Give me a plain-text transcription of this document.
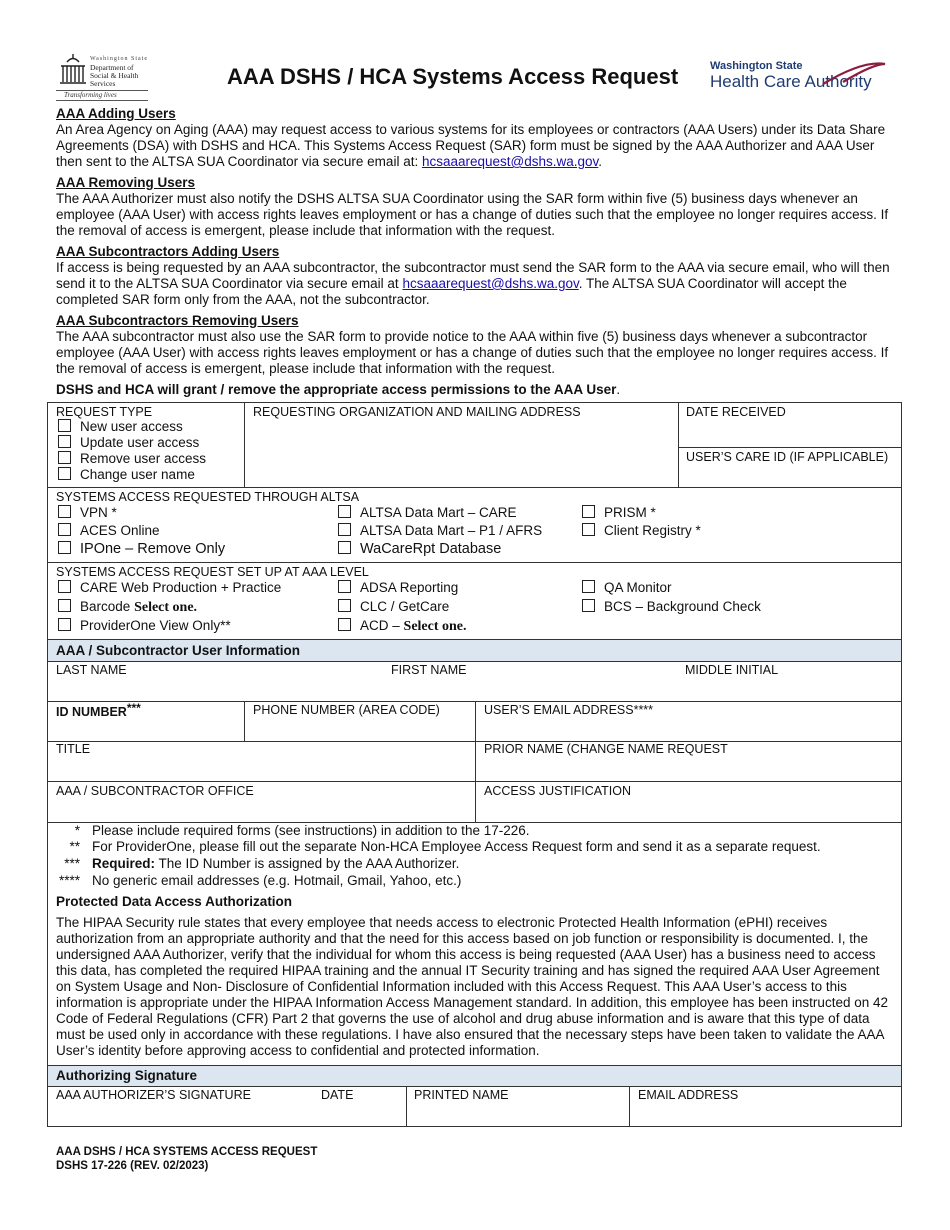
Washington State
Department of Social & Health Services
Transforming lives
AAA DSHS / HCA Systems Access Request	Washington State
Health Care Authority
AAA Adding Users
An Area Agency on Aging (AAA) may request access to various systems for its employees or contractors (AAA Users) under its Data Share Agreements (DSA) with DSHS and HCA. This Systems Access Request (SAR) form must be signed by the AAA Authorizer and AAA User then sent to the ALTSA SUA Coordinator via secure email at: hcsaaarequest@dshs.wa.gov.
AAA Removing Users
The AAA Authorizer must also notify the DSHS ALTSA SUA Coordinator using the SAR form within five (5) business days whenever an employee (AAA User) with access rights leaves employment or has a change of duties such that the employee no longer requires access. If the removal of access is emergent, please include that information with the request.
AAA Subcontractors Adding Users
If access is being requested by an AAA subcontractor, the subcontractor must send the SAR form to the AAA via secure email, who will then send it to the ALTSA SUA Coordinator via secure email at hcsaaarequest@dshs.wa.gov. The ALTSA SUA Coordinator will accept the completed SAR form only from the AAA, not the subcontractor.
AAA Subcontractors Removing Users
The AAA subcontractor must also use the SAR form to provide notice to the AAA within five (5) business days whenever a subcontractor employee (AAA User) with access rights leaves employment or has a change of duties such that the employee no longer requires access. If the removal of access is emergent, please include that information with the request.
DSHS and HCA will grant / remove the appropriate access permissions to the AAA User.
REQUEST TYPE
New user access
Update user access
Remove user access
Change user name
REQUESTING ORGANIZATION AND MAILING ADDRESS	DATE RECEIVED
USER’S CARE ID (IF APPLICABLE)
SYSTEMS ACCESS REQUESTED THROUGH ALTSA
VPN *
ACES Online
IPOne – Remove Only
ALTSA Data Mart – CARE
ALTSA Data Mart – P1 / AFRS
WaCareRpt Database
PRISM *
Client Registry *
SYSTEMS ACCESS REQUEST SET UP AT AAA LEVEL
CARE Web Production + Practice
Barcode Select one.
ProviderOne View Only**
ADSA Reporting
CLC / GetCare
ACD – Select one.
QA Monitor
BCS – Background Check
AAA / Subcontractor User Information
LAST NAME	FIRST NAME	MIDDLE INITIAL
ID NUMBER***	PHONE NUMBER (AREA CODE)	USER’S EMAIL ADDRESS****
TITLE	PRIOR NAME (CHANGE NAME REQUEST
AAA / SUBCONTRACTOR OFFICE	ACCESS JUSTIFICATION
* Please include required forms (see instructions) in addition to the 17-226.
** For ProviderOne, please fill out the separate Non-HCA Employee Access Request form and send it as a separate request.
*** Required: The ID Number is assigned by the AAA Authorizer.
**** No generic email addresses (e.g. Hotmail, Gmail, Yahoo, etc.)
Protected Data Access Authorization
The HIPAA Security rule states that every employee that needs access to electronic Protected Health Information (ePHI) receives authorization from an appropriate authority and that the need for this access based on job function or responsibility is documented. I, the undersigned AAA Authorizer, verify that the individual for whom this access is being requested (AAA User) has a business need to access this data, has completed the required HIPAA training and the annual IT Security training and has signed the required AAA User Agreement on System Usage and Non- Disclosure of Confidential Information included with this Access Request. This AAA User’s access to this information is appropriate under the HIPAA Information Access Management standard. In addition, this employee has been instructed on 42 Code of Federal Regulations (CFR) Part 2 that governs the use of alcohol and drug abuse information and is aware that this type of data must be used only in accordance with these regulations. I have also ensured that the necessary steps have been taken to validate the AAA User’s identity before approving access to confidential and protected information.
Authorizing Signature
AAA AUTHORIZER’S SIGNATURE	DATE	PRINTED NAME	EMAIL ADDRESS
AAA DSHS / HCA SYSTEMS ACCESS REQUEST
DSHS 17-226 (REV. 02/2023)
